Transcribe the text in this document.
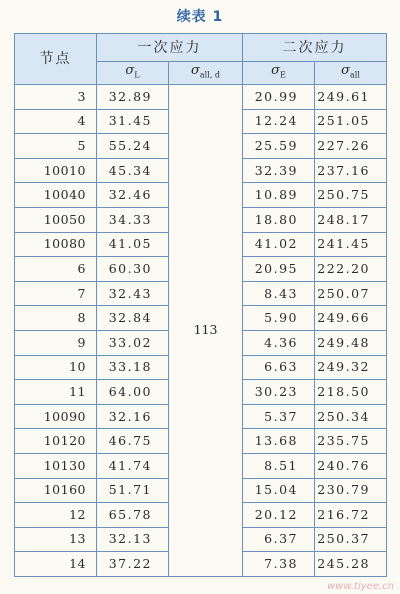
续表 1
节点	一次应力		二次应力	
	$\sigma_L$	$\sigma_{all, d}$	$\sigma_E$	$\sigma_{all}$
3	32.89	113	20.99	249.61
4	31.45		12.24	251.05
5	55.24		25.59	227.26
10010	45.34		32.39	237.16
10040	32.46		10.89	250.75
10050	34.33		18.80	248.17
10080	41.05		41.02	241.45
6	60.30		20.95	222.20
7	32.43		8.43	250.07
8	32.84		5.90	249.66
9	33.02		4.36	249.48
10	33.18		6.63	249.32
11	64.00		30.23	218.50
10090	32.16		5.37	250.34
10120	46.75		13.68	235.75
10130	41.74		8.51	240.76
10160	51.71		15.04	230.79
12	65.78		20.12	216.72
13	32.13		6.37	250.37
14	37.22		7.38	245.28
www.tiyee.cn
